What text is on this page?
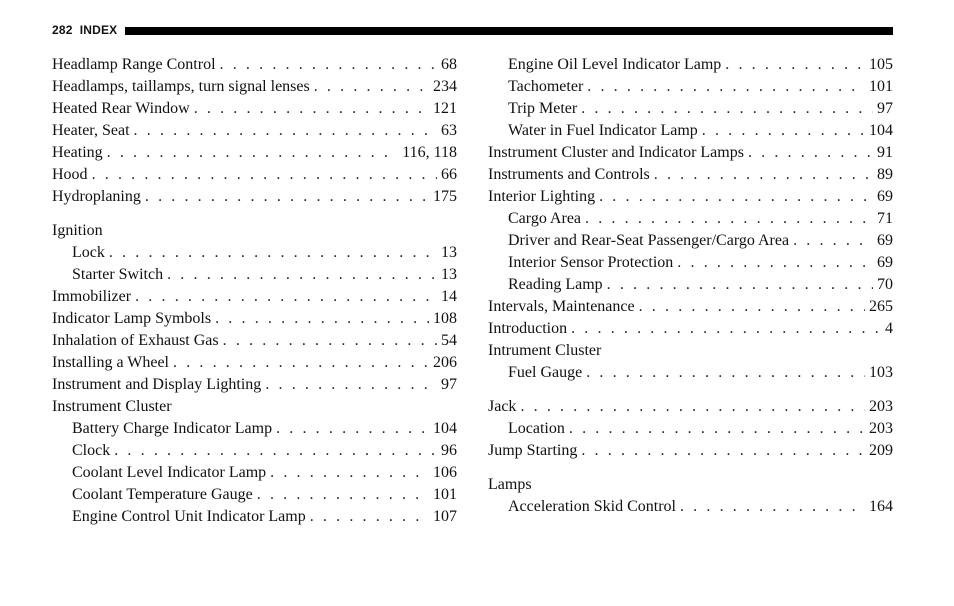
282 INDEX
Headlamp Range Control . . .	68
Headlamps, taillamps, turn signal lenses . . .	234
Heated Rear Window . . .	121
Heater, Seat . . .	63
Heating . . .	116, 118
Hood . . .	66
Hydroplaning . . .	175
Ignition
Lock . . .	13
Starter Switch . . .	13
Immobilizer . . .	14
Indicator Lamp Symbols . . .	108
Inhalation of Exhaust Gas . . .	54
Installing a Wheel . . .	206
Instrument and Display Lighting . . .	97
Instrument Cluster
Battery Charge Indicator Lamp . . .	104
Clock . . .	96
Coolant Level Indicator Lamp . . .	106
Coolant Temperature Gauge . . .	101
Engine Control Unit Indicator Lamp . . .	107
Engine Oil Level Indicator Lamp . . .	105
Tachometer . . .	101
Trip Meter . . .	97
Water in Fuel Indicator Lamp . . .	104
Instrument Cluster and Indicator Lamps . . .	91
Instruments and Controls . . .	89
Interior Lighting . . .	69
Cargo Area . . .	71
Driver and Rear-Seat Passenger/Cargo Area . . .	69
Interior Sensor Protection . . .	69
Reading Lamp . . .	70
Intervals, Maintenance . . .	265
Introduction . . .	4
Intrument Cluster
Fuel Gauge . . .	103
Jack . . .	203
Location . . .	203
Jump Starting . . .	209
Lamps
Acceleration Skid Control . . .	164
